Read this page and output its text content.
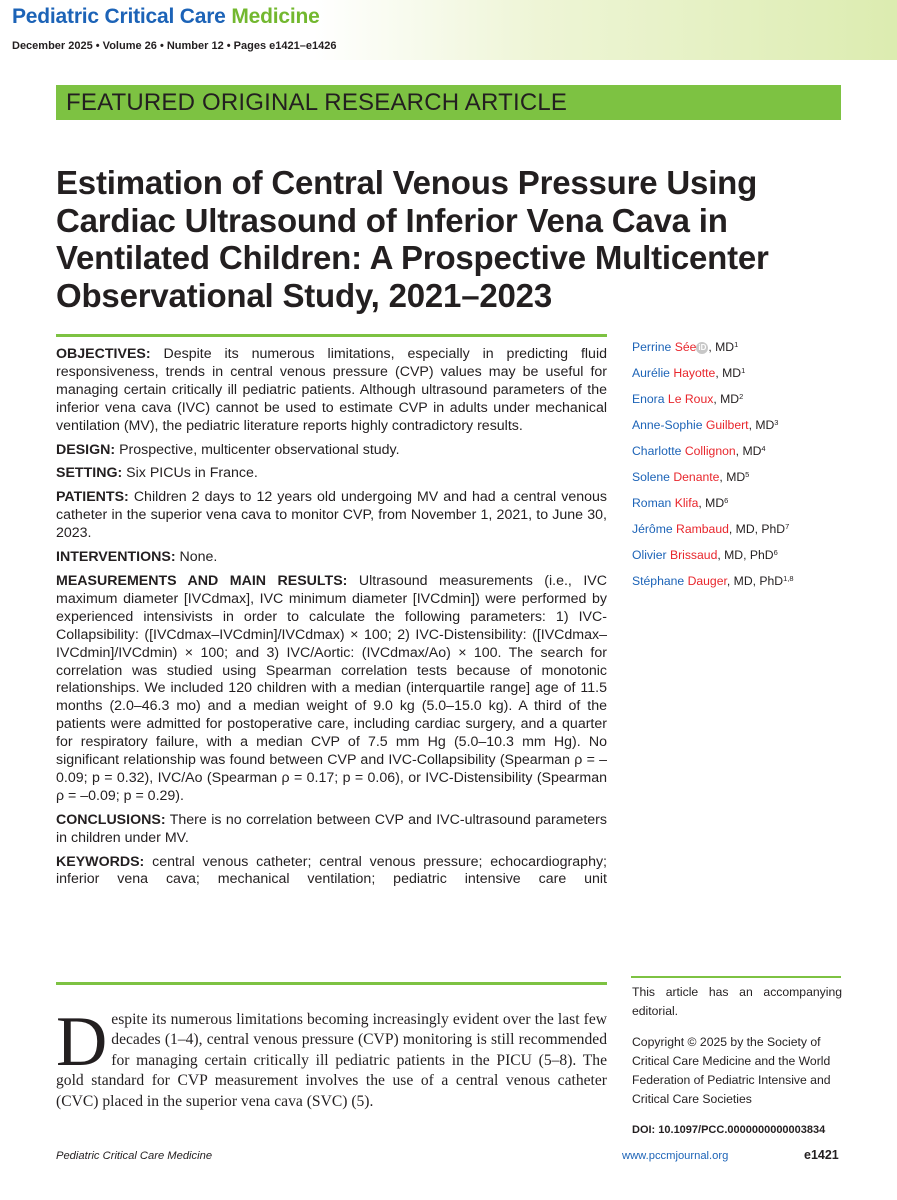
Pediatric Critical Care Medicine
December 2025 • Volume 26 • Number 12 • Pages e1421–e1426
FEATURED ORIGINAL RESEARCH ARTICLE
Estimation of Central Venous Pressure Using Cardiac Ultrasound of Inferior Vena Cava in Ventilated Children: A Prospective Multicenter Observational Study, 2021–2023

OBJECTIVES: Despite its numerous limitations, especially in predicting fluid responsiveness, trends in central venous pressure (CVP) values may be useful for managing certain critically ill pediatric patients. Although ultrasound parameters of the inferior vena cava (IVC) cannot be used to estimate CVP in adults under mechanical ventilation (MV), the pediatric literature reports highly contradictory results.

DESIGN: Prospective, multicenter observational study.

SETTING: Six PICUs in France.

PATIENTS: Children 2 days to 12 years old undergoing MV and had a central venous catheter in the superior vena cava to monitor CVP, from November 1, 2021, to June 30, 2023.

INTERVENTIONS: None.

MEASUREMENTS AND MAIN RESULTS: Ultrasound measurements (i.e., IVC maximum diameter [IVCdmax], IVC minimum diameter [IVCdmin]) were performed by experienced intensivists in order to calculate the following parameters: 1) IVC-Collapsibility: ([IVCdmax–IVCdmin]/IVCdmax) × 100; 2) IVC-Distensibility: ([IVCdmax–IVCdmin]/IVCdmin) × 100; and 3) IVC/Aortic: (IVCdmax/Ao) × 100. The search for correlation was studied using Spearman correlation tests because of monotonic relationships. We included 120 children with a median (interquartile range] age of 11.5 months (2.0–46.3 mo) and a median weight of 9.0 kg (5.0–15.0 kg). A third of the patients were admitted for postoperative care, including cardiac surgery, and a quarter for respiratory failure, with a median CVP of 7.5 mm Hg (5.0–10.3 mm Hg). No significant relationship was found between CVP and IVC-Collapsibility (Spearman ρ = –0.09; p = 0.32), IVC/Ao (Spearman ρ = 0.17; p = 0.06), or IVC-Distensibility (Spearman ρ = –0.09; p = 0.29).

CONCLUSIONS: There is no correlation between CVP and IVC-ultrasound parameters in children under MV.

KEYWORDS: central venous catheter; central venous pressure; echocardiography; inferior vena cava; mechanical ventilation; pediatric intensive care unit

Perrine Sée iD , $MD^1$
Aurélie Hayotte, $MD^1$
Enora Le Roux, $MD^2$
Anne-Sophie Guilbert, $MD^3$
Charlotte Collignon, $MD^4$
Solene Denante, $MD^5$
Roman Klifa, $MD^6$
Jérôme Rambaud, MD, PhD$^7$
Olivier Brissaud, MD, PhD$^6$
Stéphane Dauger, MD, PhD$^{1,8}$
Despite its numerous limitations becoming increasingly evident over the last few decades (1–4), central venous pressure (CVP) monitoring is still recommended for managing certain critically ill pediatric patients in the PICU (5–8). The gold standard for CVP measurement involves the use of a central venous catheter (CVC) placed in the superior vena cava (SVC) (5).
This article has an accompanying editorial.
Copyright © 2025 by the Society of Critical Care Medicine and the World Federation of Pediatric Intensive and Critical Care Societies
DOI: 10.1097/PCC.0000000000003834
Pediatric Critical Care Medicine	www.pccmjournal.org	e1421
